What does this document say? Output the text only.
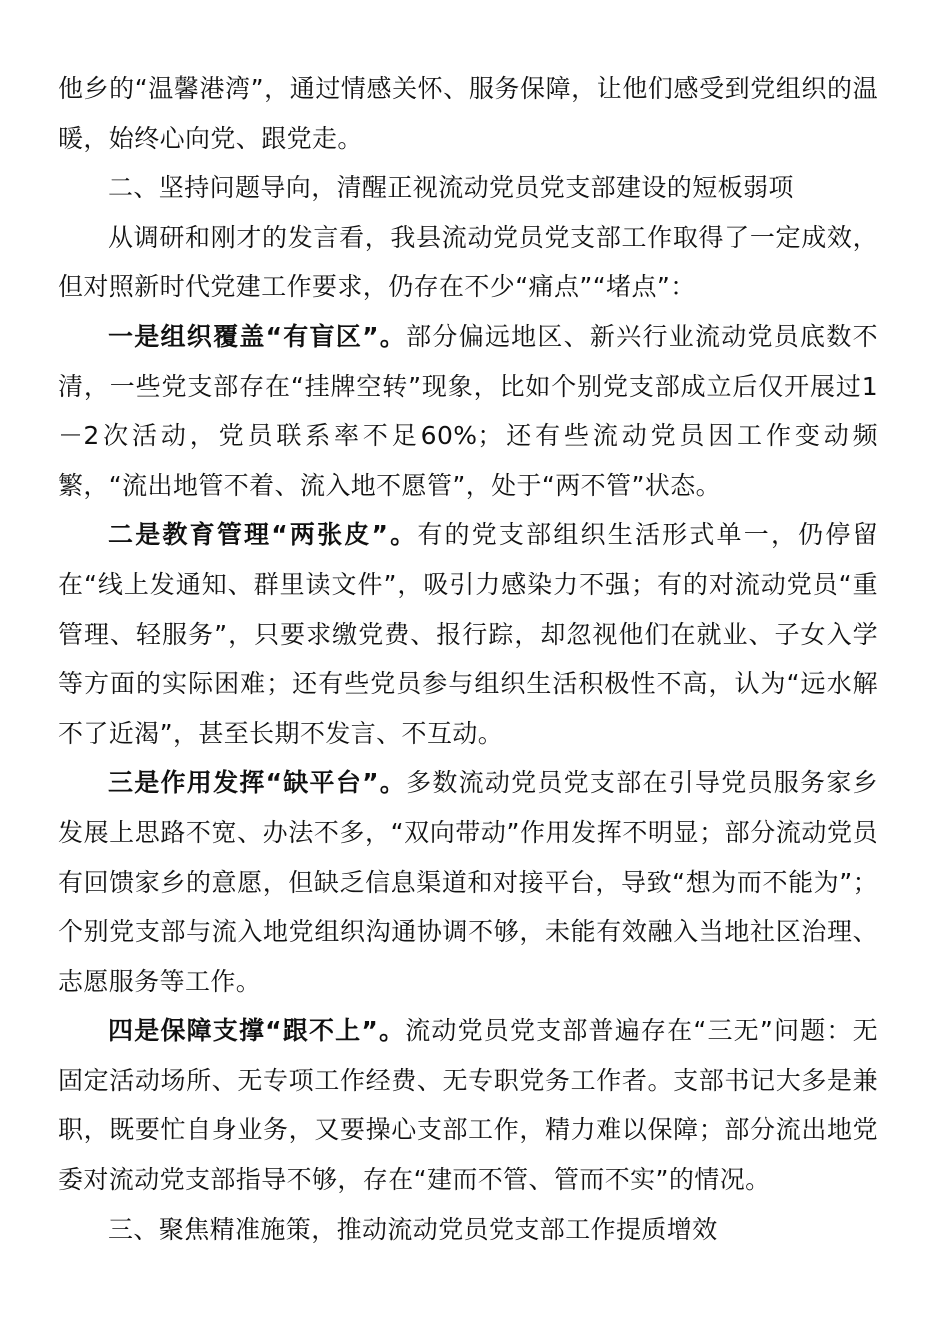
他乡的“温馨港湾”，通过情感关怀、服务保障，让他们感受到党组织的温暖，始终心向党、跟党走。

二、坚持问题导向，清醒正视流动党员党支部建设的短板弱项

从调研和刚才的发言看，我县流动党员党支部工作取得了一定成效，但对照新时代党建工作要求，仍存在不少“痛点”“堵点”：

一是组织覆盖“有盲区”。部分偏远地区、新兴行业流动党员底数不清，一些党支部存在“挂牌空转”现象，比如个别党支部成立后仅开展过1－2次活动，党员联系率不足60%；还有些流动党员因工作变动频繁，“流出地管不着、流入地不愿管”，处于“两不管”状态。

二是教育管理“两张皮”。有的党支部组织生活形式单一，仍停留在“线上发通知、群里读文件”，吸引力感染力不强；有的对流动党员“重管理、轻服务”，只要求缴党费、报行踪，却忽视他们在就业、子女入学等方面的实际困难；还有些党员参与组织生活积极性不高，认为“远水解不了近渴”，甚至长期不发言、不互动。

三是作用发挥“缺平台”。多数流动党员党支部在引导党员服务家乡发展上思路不宽、办法不多，“双向带动”作用发挥不明显；部分流动党员有回馈家乡的意愿，但缺乏信息渠道和对接平台，导致“想为而不能为”；个别党支部与流入地党组织沟通协调不够，未能有效融入当地社区治理、志愿服务等工作。

四是保障支撑“跟不上”。流动党员党支部普遍存在“三无”问题：无固定活动场所、无专项工作经费、无专职党务工作者。支部书记大多是兼职，既要忙自身业务，又要操心支部工作，精力难以保障；部分流出地党委对流动党支部指导不够，存在“建而不管、管而不实”的情况。

三、聚焦精准施策，推动流动党员党支部工作提质增效
